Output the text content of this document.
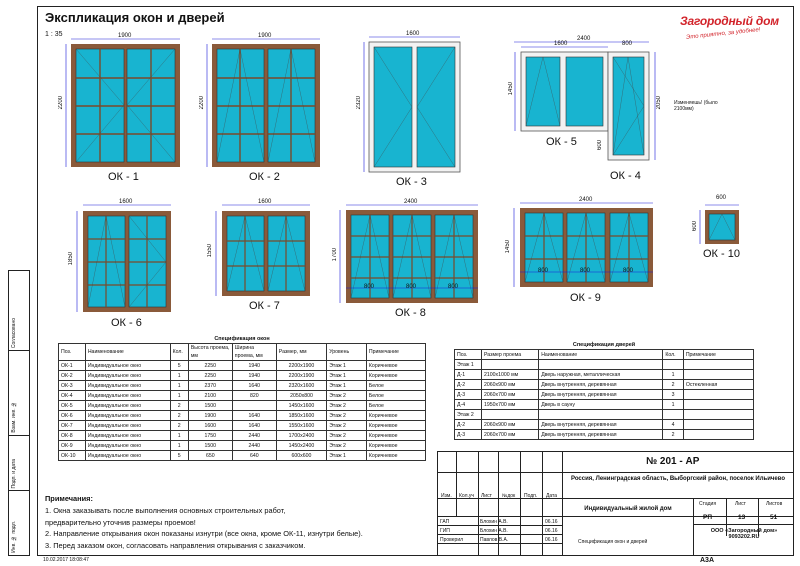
Согласовано
Взам. инв. №
Подп. и дата
Инв. № подл.
Экспликация окон и дверей
1 : 35
Загородный дом
Это приятно, за удобнее!
1900
2200
ОК - 1
1900
2200
ОК - 2
1600
2320
ОК - 3
2400
1600	800
1450
ОК - 5
2050
600
Изменяешь! (было 2100мм)
ОК - 4
1600
1850
ОК - 6
1600
1550
ОК - 7
2400
1700
800	800	800
ОК - 8
2400
1450
800	800	800
ОК - 9
600
600
ОК - 10
Спецификация окон							
Поз.	Наименование	Кол.	Высота проема, мм	Ширина проема, мм	Размер, мм	Уровень	Примечание
ОК-1	Индивидуальное окно	5	2250	1940	2200х1900	Этаж 1	Коричневое
ОК-2	Индивидуальное окно	1	2250	1940	2200х1900	Этаж 1	Коричневое
ОК-3	Индивидуальное окно	1	2370	1640	2320х1600	Этаж 1	Белое
ОК-4	Индивидуальное окно	1	2100	820	2050х800	Этаж 2	Белое
ОК-5	Индивидуальное окно	2	1500		1450х1600	Этаж 2	Белое
ОК-6	Индивидуальное окно	2	1900	1640	1850х1600	Этаж 2	Коричневое
ОК-7	Индивидуальное окно	2	1600	1640	1550х1600	Этаж 2	Коричневое
ОК-8	Индивидуальное окно	1	1750	2440	1700х2400	Этаж 2	Коричневое
ОК-9	Индивидуальное окно	1	1500	2440	1450х2400	Этаж 2	Коричневое
ОК-10	Индивидуальное окно	5	650	640	600х600	Этаж 1	Коричневое
Спецификация дверей				
Поз.	Размер проема	Наименование	Кол.	Примечание
Этаж 1				
Д-1	2100х1000 мм	Дверь наружная, металлическая	1	
Д-2	2060х900 мм	Дверь внутренняя, деревянная	2	Остекленная
Д-3	2060х700 мм	Дверь внутренняя, деревянная	3	
Д-4	1950х700 мм	Дверь в сауну	1	
Этаж 2				
Д-2	2060х900 мм	Дверь внутренняя, деревянная	4	
Д-3	2060х700 мм	Дверь внутренняя, деревянная	2	
Примечания:
1. Окна заказывать после выполнения основных строительных работ,
предварительно уточнив размеры проемов!
2. Направление открывания окон показаны изнутри (все окна, кроме ОК-11, изнутри белые).
3. Перед заказом окон, согласовать направления открывания с заказчиком.
№ 201 - АР
Россия, Ленинградская область, Выборгский район, поселок Ильичево
Индивидуальный жилой дом
Спецификация окон и дверей
ООО «Загородный дом» 9093202.RU
Изм. Кол.уч Лист №док Подп. Дата
Стадия	Лист	Листов
РП	13	51
ГАП	Блохин А.В.	06.16
ГИП	Блохин А.В.	06.16
Проверил	Павлов В.А.	06.16
10.02.2017 18:08:47	А3А
